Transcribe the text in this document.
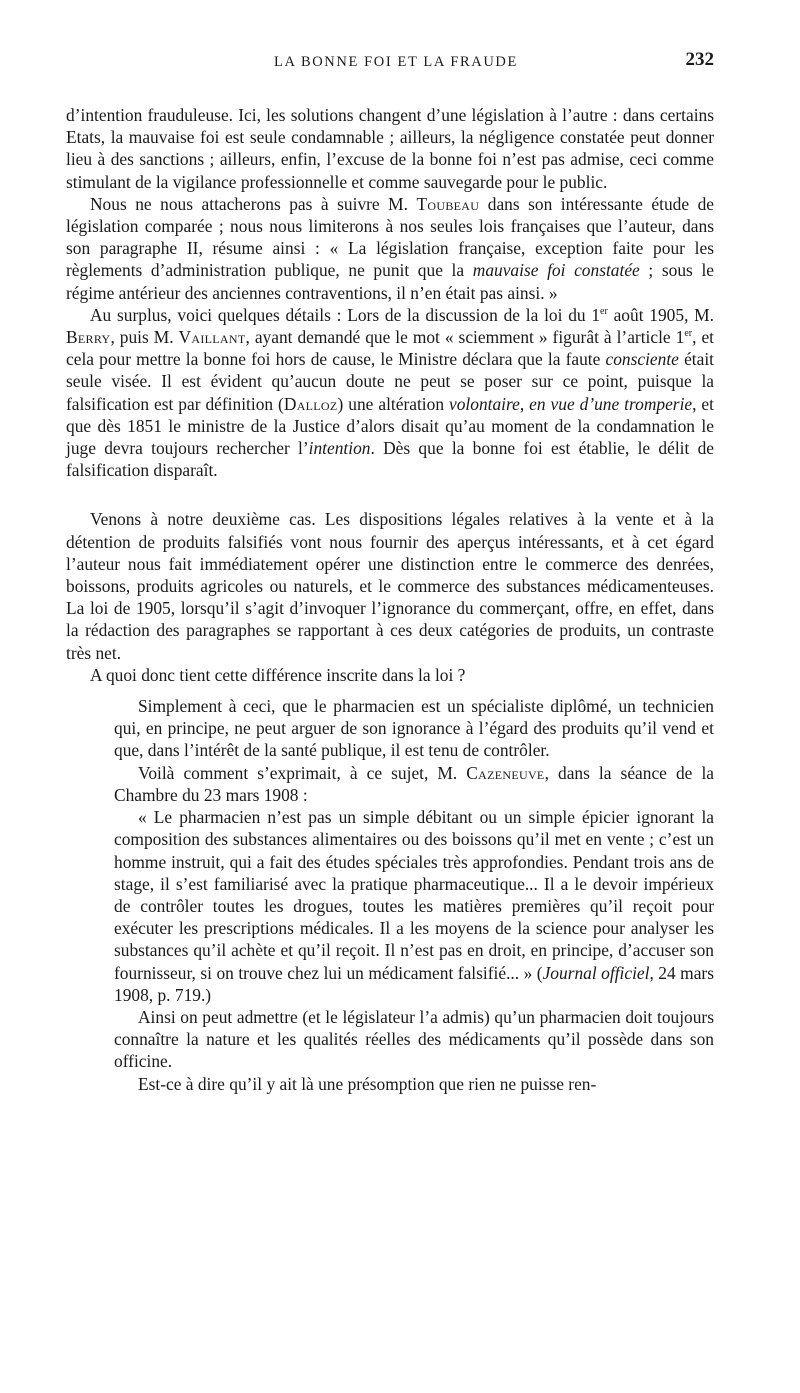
LA BONNE FOI ET LA FRAUDE	232

d’intention frauduleuse. Ici, les solutions changent d’une législation à l’autre : dans certains Etats, la mauvaise foi est seule condamnable ; ailleurs, la négligence constatée peut donner lieu à des sanctions ; ailleurs, enfin, l’excuse de la bonne foi n’est pas admise, ceci comme stimulant de la vigilance professionnelle et comme sauvegarde pour le public.

Nous ne nous attacherons pas à suivre M. Toubeau dans son intéressante étude de législation comparée ; nous nous limiterons à nos seules lois françaises que l’auteur, dans son paragraphe II, résume ainsi : « La législation française, exception faite pour les règlements d’administration publique, ne punit que la mauvaise foi constatée ; sous le régime antérieur des anciennes contraventions, il n’en était pas ainsi. »

Au surplus, voici quelques détails : Lors de la discussion de la loi du 1er août 1905, M. Berry, puis M. Vaillant, ayant demandé que le mot « sciemment » figurât à l’article 1er, et cela pour mettre la bonne foi hors de cause, le Ministre déclara que la faute consciente était seule visée. Il est évident qu’aucun doute ne peut se poser sur ce point, puisque la falsification est par définition (Dalloz) une altération volontaire, en vue d’une tromperie, et que dès 1851 le ministre de la Justice d’alors disait qu’au moment de la condamnation le juge devra toujours rechercher l’intention. Dès que la bonne foi est établie, le délit de falsification disparaît.

Venons à notre deuxième cas. Les dispositions légales relatives à la vente et à la détention de produits falsifiés vont nous fournir des aperçus intéressants, et à cet égard l’auteur nous fait immédiatement opérer une distinction entre le commerce des denrées, boissons, produits agricoles ou naturels, et le commerce des substances médicamenteuses. La loi de 1905, lorsqu’il s’agit d’invoquer l’ignorance du commerçant, offre, en effet, dans la rédaction des paragraphes se rapportant à ces deux catégories de produits, un contraste très net.

A quoi donc tient cette différence inscrite dans la loi ?

Simplement à ceci, que le pharmacien est un spécialiste diplômé, un technicien qui, en principe, ne peut arguer de son ignorance à l’égard des produits qu’il vend et que, dans l’intérêt de la santé publique, il est tenu de contrôler.

Voilà comment s’exprimait, à ce sujet, M. Cazeneuve, dans la séance de la Chambre du 23 mars 1908 :

« Le pharmacien n’est pas un simple débitant ou un simple épicier ignorant la composition des substances alimentaires ou des boissons qu’il met en vente ; c’est un homme instruit, qui a fait des études spéciales très approfondies. Pendant trois ans de stage, il s’est familiarisé avec la pratique pharmaceutique... Il a le devoir impérieux de contrôler toutes les drogues, toutes les matières premières qu’il reçoit pour exécuter les prescriptions médicales. Il a les moyens de la science pour analyser les substances qu’il achète et qu’il reçoit. Il n’est pas en droit, en principe, d’accuser son fournisseur, si on trouve chez lui un médicament falsifié... » (Journal officiel, 24 mars 1908, p. 719.)

Ainsi on peut admettre (et le législateur l’a admis) qu’un pharmacien doit toujours connaître la nature et les qualités réelles des médicaments qu’il possède dans son officine.

Est-ce à dire qu’il y ait là une présomption que rien ne puisse ren-
